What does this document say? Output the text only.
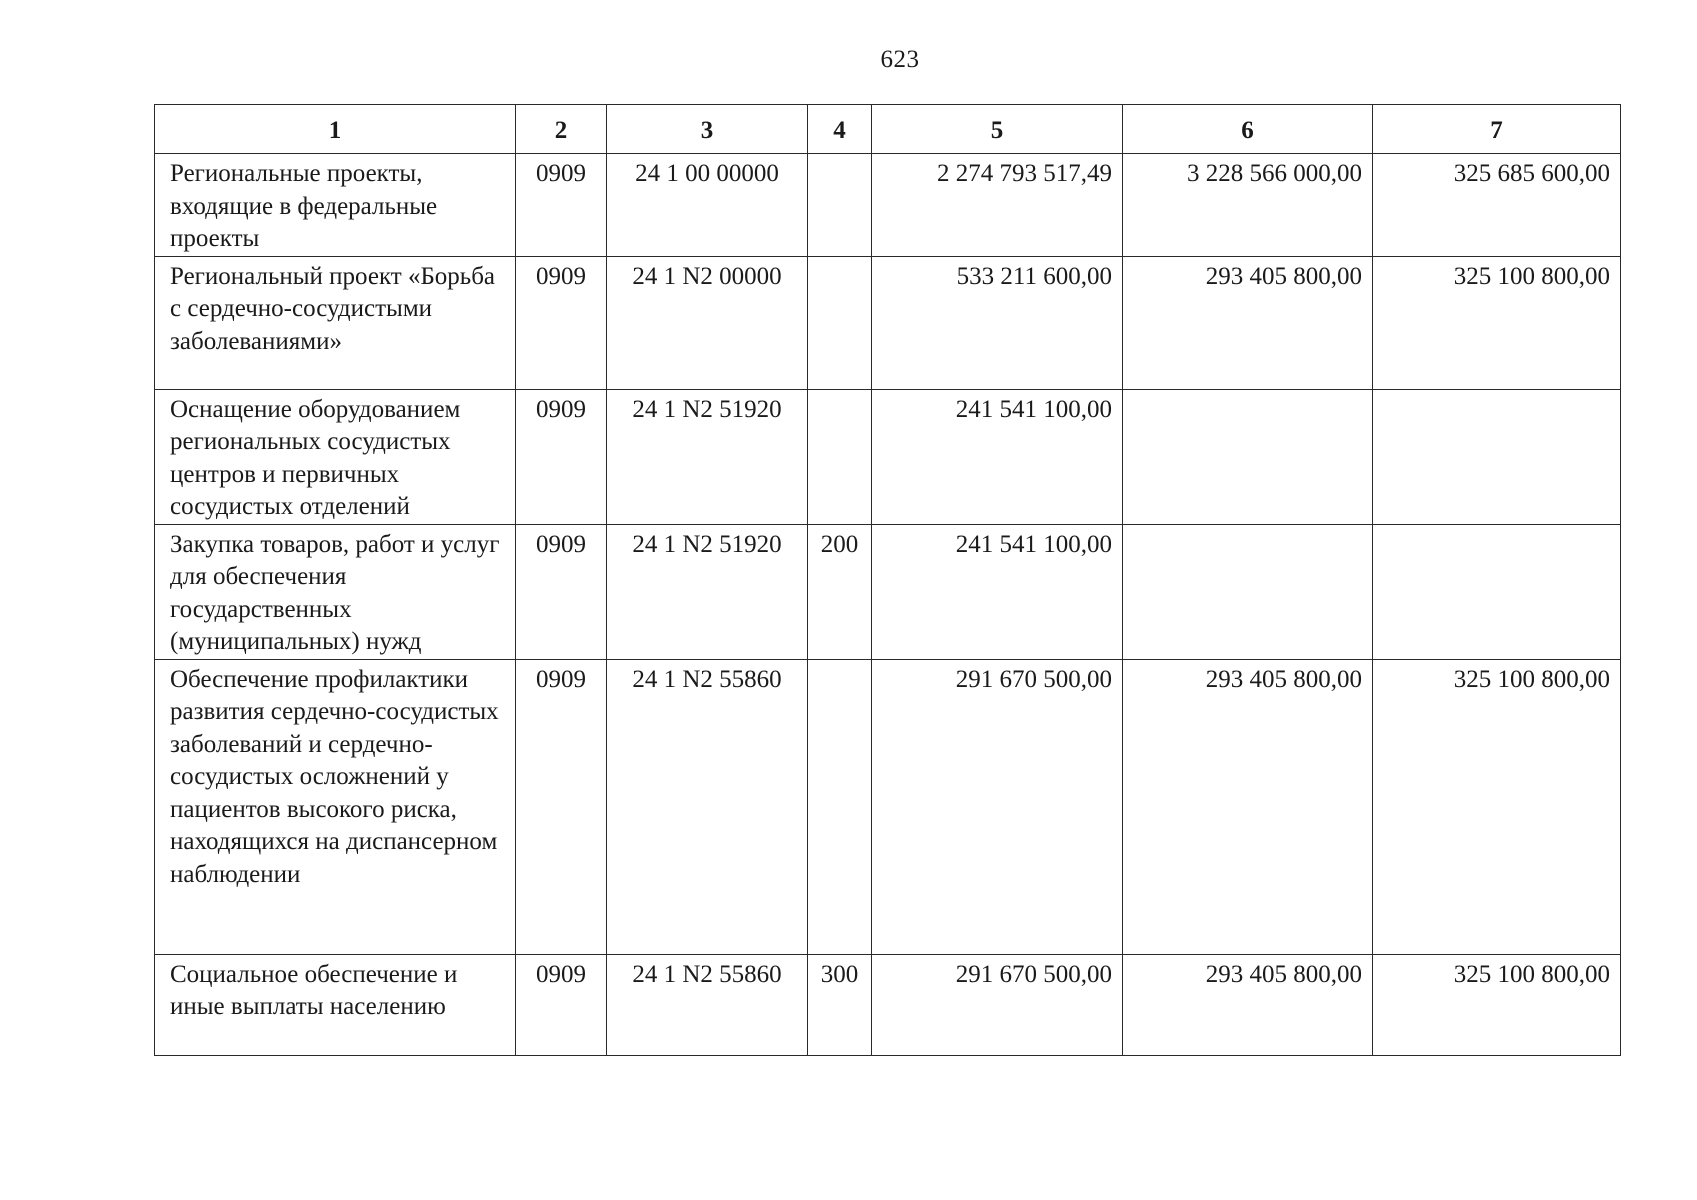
623
1	2	3	4	5	6	7
Региональные проекты, входящие в федеральные проекты	0909	24 1 00 00000		2 274 793 517,49	3 228 566 000,00	325 685 600,00
Региональный проект «Борьба с сердечно-сосудистыми заболеваниями»	0909	24 1 N2 00000		533 211 600,00	293 405 800,00	325 100 800,00
Оснащение оборудованием региональных сосудистых центров и первичных сосудистых отделений	0909	24 1 N2 51920		241 541 100,00		
Закупка товаров, работ и услуг для обеспечения государственных (муниципальных) нужд	0909	24 1 N2 51920	200	241 541 100,00		
Обеспечение профилактики развития сердечно-сосудистых заболеваний и сердечно-сосудистых осложнений у пациентов высокого риска, находящихся на диспансерном наблюдении	0909	24 1 N2 55860		291 670 500,00	293 405 800,00	325 100 800,00
Социальное обеспечение и иные выплаты населению	0909	24 1 N2 55860	300	291 670 500,00	293 405 800,00	325 100 800,00
